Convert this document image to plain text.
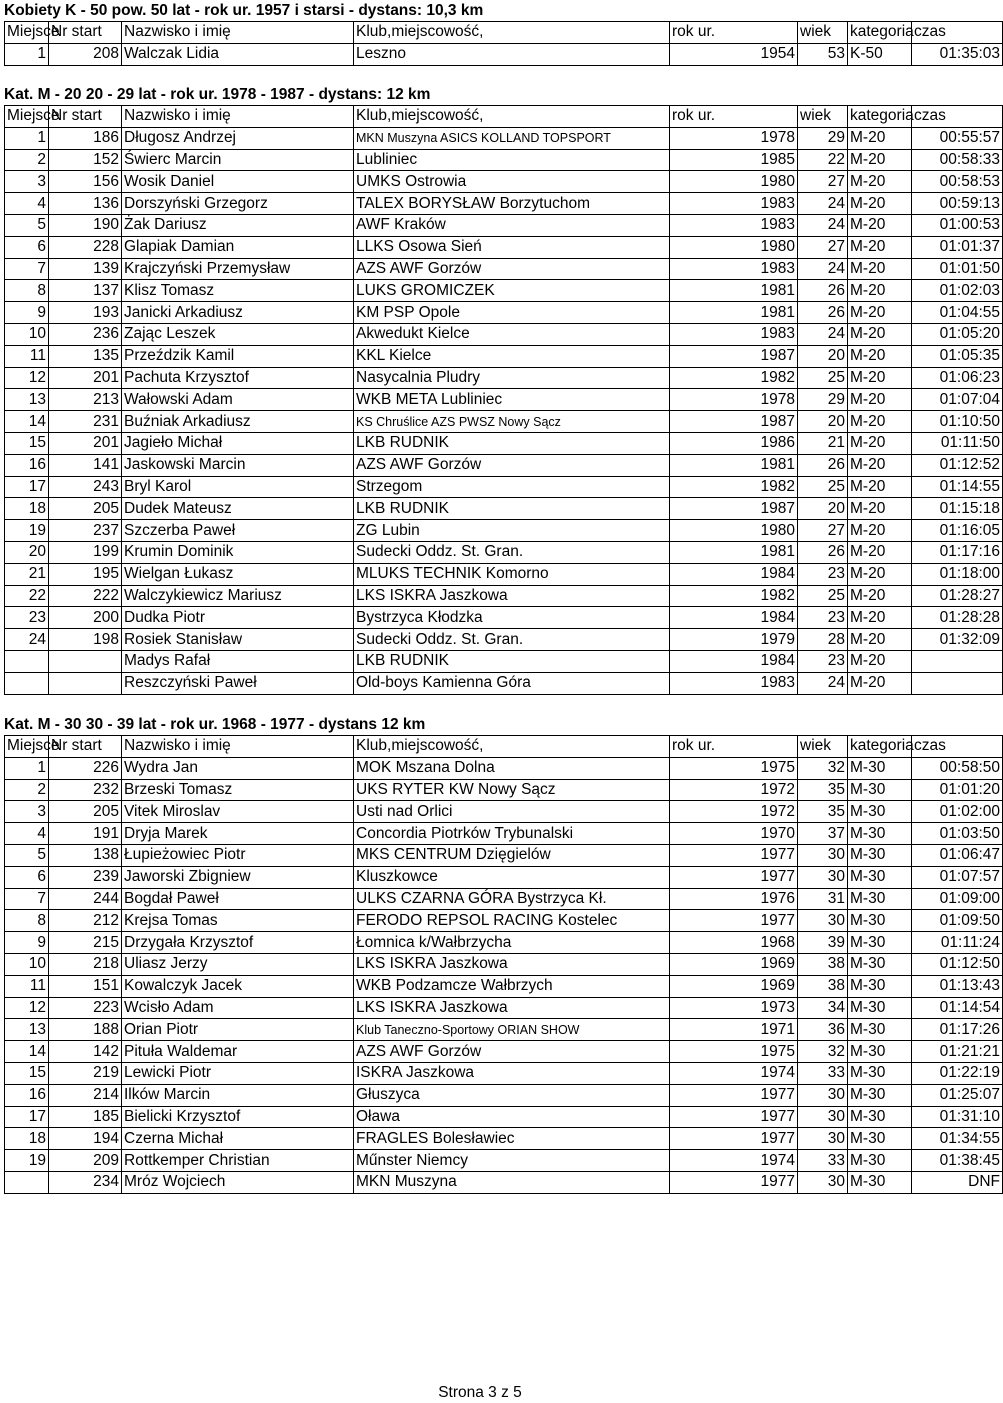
Kobiety K - 50 pow. 50 lat - rok ur. 1957 i starsi - dystans: 10,3 km
Miejsce	Nr start	Nazwisko i imię	Klub,miejscowość,	rok ur.	wiek	kategoria	czas
1	208	Walczak Lidia	Leszno	1954	53	K-50	01:35:03
Kat. M - 20 20 - 29 lat - rok ur. 1978 - 1987 - dystans: 12 km
Miejsce	Nr start	Nazwisko i imię	Klub,miejscowość,	rok ur.	wiek	kategoria	czas
1	186	Długosz Andrzej	MKN Muszyna ASICS KOLLAND TOPSPORT	1978	29	M-20	00:55:57
2	152	Świerc Marcin	Lubliniec	1985	22	M-20	00:58:33
3	156	Wosik Daniel	UMKS Ostrowia	1980	27	M-20	00:58:53
4	136	Dorszyński Grzegorz	TALEX BORYSŁAW Borzytuchom	1983	24	M-20	00:59:13
5	190	Żak Dariusz	AWF Kraków	1983	24	M-20	01:00:53
6	228	Glapiak Damian	LLKS Osowa Sień	1980	27	M-20	01:01:37
7	139	Krajczyński Przemysław	AZS AWF Gorzów	1983	24	M-20	01:01:50
8	137	Klisz Tomasz	LUKS GROMICZEK	1981	26	M-20	01:02:03
9	193	Janicki Arkadiusz	KM PSP Opole	1981	26	M-20	01:04:55
10	236	Zając Leszek	Akwedukt Kielce	1983	24	M-20	01:05:20
11	135	Przeździk Kamil	KKL Kielce	1987	20	M-20	01:05:35
12	201	Pachuta Krzysztof	Nasycalnia Pludry	1982	25	M-20	01:06:23
13	213	Wałowski Adam	WKB META Lubliniec	1978	29	M-20	01:07:04
14	231	Buźniak Arkadiusz	KS Chruślice AZS PWSZ Nowy Sącz	1987	20	M-20	01:10:50
15	201	Jagieło Michał	LKB RUDNIK	1986	21	M-20	01:11:50
16	141	Jaskowski Marcin	AZS AWF Gorzów	1981	26	M-20	01:12:52
17	243	Bryl Karol	Strzegom	1982	25	M-20	01:14:55
18	205	Dudek Mateusz	LKB RUDNIK	1987	20	M-20	01:15:18
19	237	Szczerba Paweł	ZG Lubin	1980	27	M-20	01:16:05
20	199	Krumin Dominik	Sudecki Oddz. St. Gran.	1981	26	M-20	01:17:16
21	195	Wielgan Łukasz	MLUKS TECHNIK Komorno	1984	23	M-20	01:18:00
22	222	Walczykiewicz Mariusz	LKS ISKRA Jaszkowa	1982	25	M-20	01:28:27
23	200	Dudka Piotr	Bystrzyca Kłodzka	1984	23	M-20	01:28:28
24	198	Rosiek Stanisław	Sudecki Oddz. St. Gran.	1979	28	M-20	01:32:09
		Madys Rafał	LKB RUDNIK	1984	23	M-20	
		Reszczyński Paweł	Old-boys Kamienna Góra	1983	24	M-20	
Kat. M - 30 30 - 39 lat - rok ur. 1968 - 1977 - dystans 12 km
Miejsce	Nr start	Nazwisko i imię	Klub,miejscowość,	rok ur.	wiek	kategoria	czas
1	226	Wydra Jan	MOK Mszana Dolna	1975	32	M-30	00:58:50
2	232	Brzeski Tomasz	UKS RYTER KW Nowy Sącz	1972	35	M-30	01:01:20
3	205	Vitek Miroslav	Usti nad Orlici	1972	35	M-30	01:02:00
4	191	Dryja Marek	Concordia Piotrków Trybunalski	1970	37	M-30	01:03:50
5	138	Łupieżowiec Piotr	MKS CENTRUM Dzięgielów	1977	30	M-30	01:06:47
6	239	Jaworski Zbigniew	Kluszkowce	1977	30	M-30	01:07:57
7	244	Bogdał Paweł	ULKS CZARNA GÓRA Bystrzyca Kł.	1976	31	M-30	01:09:00
8	212	Krejsa Tomas	FERODO REPSOL RACING Kostelec	1977	30	M-30	01:09:50
9	215	Drzygała Krzysztof	Łomnica k/Wałbrzycha	1968	39	M-30	01:11:24
10	218	Uliasz Jerzy	LKS ISKRA Jaszkowa	1969	38	M-30	01:12:50
11	151	Kowalczyk Jacek	WKB Podzamcze Wałbrzych	1969	38	M-30	01:13:43
12	223	Wcisło Adam	LKS ISKRA Jaszkowa	1973	34	M-30	01:14:54
13	188	Orian Piotr	Klub Taneczno-Sportowy ORIAN SHOW	1971	36	M-30	01:17:26
14	142	Pituła Waldemar	AZS AWF Gorzów	1975	32	M-30	01:21:21
15	219	Lewicki Piotr	ISKRA Jaszkowa	1974	33	M-30	01:22:19
16	214	Ilków Marcin	Głuszyca	1977	30	M-30	01:25:07
17	185	Bielicki Krzysztof	Oława	1977	30	M-30	01:31:10
18	194	Czerna Michał	FRAGLES Bolesławiec	1977	30	M-30	01:34:55
19	209	Rottkemper Christian	Műnster Niemcy	1974	33	M-30	01:38:45
	234	Mróz Wojciech	MKN Muszyna	1977	30	M-30	DNF
Strona 3 z 5
